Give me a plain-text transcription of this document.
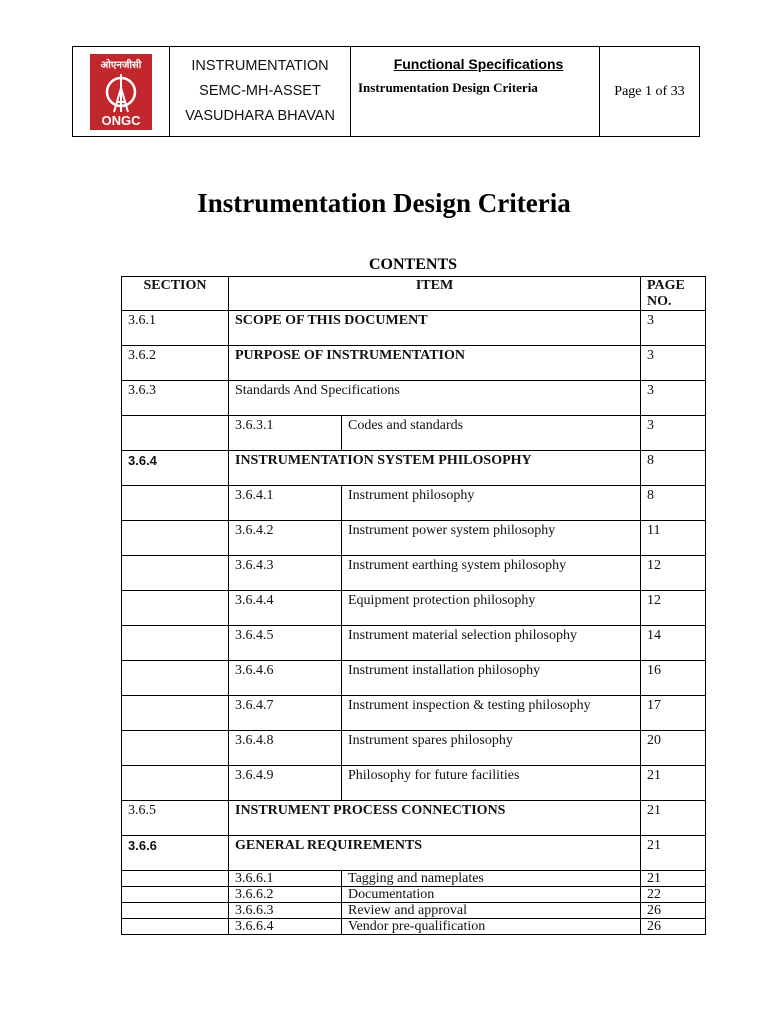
ओएनजीसी
ONGC
INSTRUMENTATION
SEMC-MH-ASSET
VASUDHARA BHAVAN
Functional Specifications
Instrumentation Design Criteria	Page 1 of 33
Instrumentation Design Criteria
CONTENTS
SECTION	ITEM		PAGE
NO.
3.6.1	SCOPE OF THIS DOCUMENT		3
3.6.2	PURPOSE OF INSTRUMENTATION		3
3.6.3	Standards And Specifications		3
	3.6.3.1	Codes and standards	3
3.6.4	INSTRUMENTATION SYSTEM PHILOSOPHY		8
	3.6.4.1	Instrument philosophy	8
	3.6.4.2	Instrument power system philosophy	11
	3.6.4.3	Instrument earthing system philosophy	12
	3.6.4.4	Equipment protection philosophy	12
	3.6.4.5	Instrument material selection philosophy	14
	3.6.4.6	Instrument installation philosophy	16
	3.6.4.7	Instrument inspection & testing philosophy	17
	3.6.4.8	Instrument spares philosophy	20
	3.6.4.9	Philosophy for future facilities	21
3.6.5	INSTRUMENT PROCESS CONNECTIONS		21
3.6.6	GENERAL REQUIREMENTS		21
	3.6.6.1	Tagging and nameplates	21
	3.6.6.2	Documentation	22
	3.6.6.3	Review and approval	26
	3.6.6.4	Vendor pre-qualification	26
